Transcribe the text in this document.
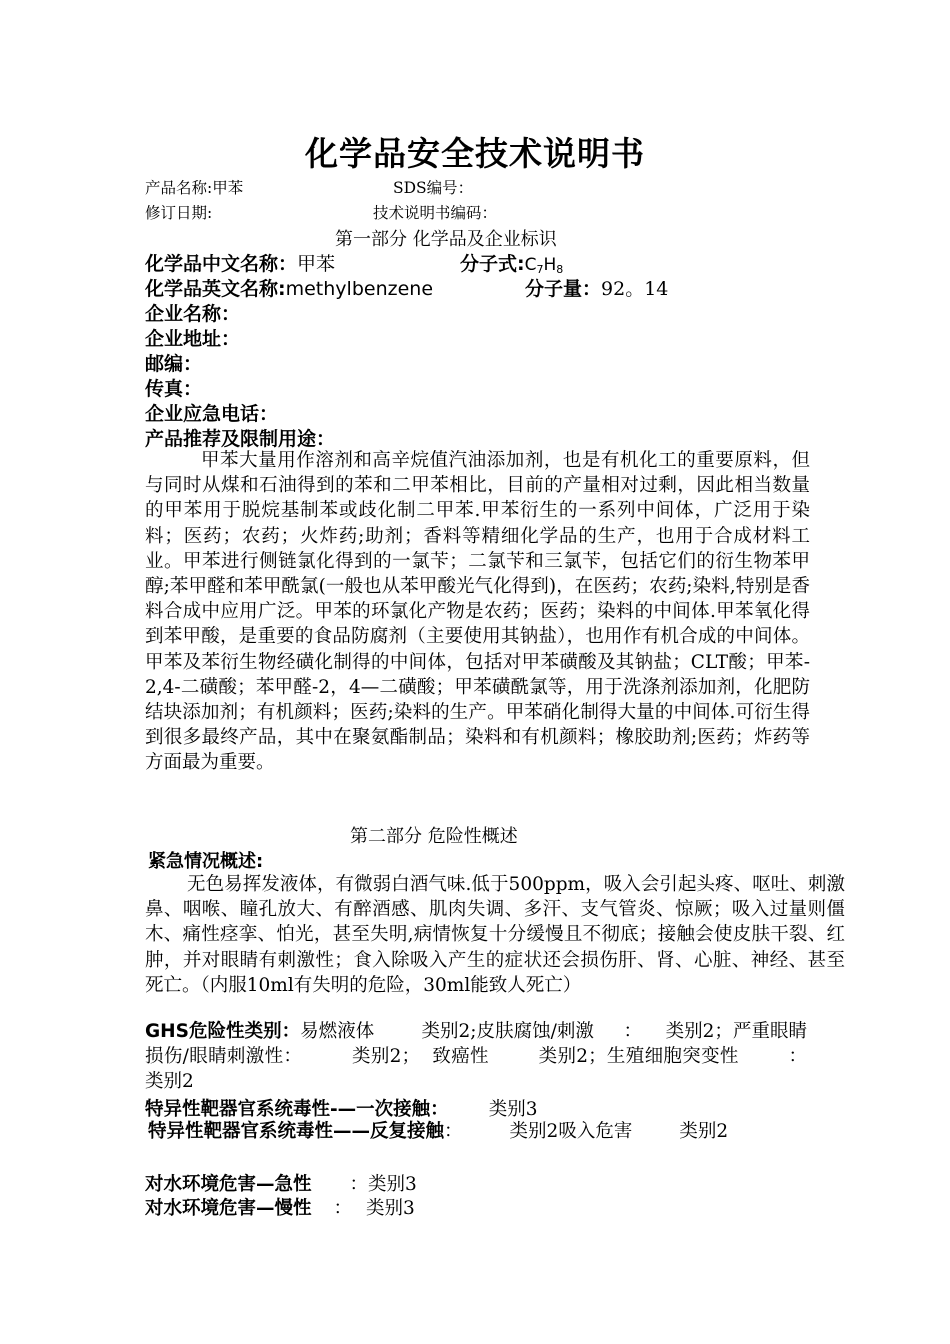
化学品安全技术说明书
产品名称:甲苯	SDS编号：
修订日期:	技术说明书编码：
第一部分 化学品及企业标识
化学品中文名称：甲苯	分子式$:C_7H_8$
化学品英文名称:methylbenzene	分子量：92。14
企业名称：
企业地址：
邮编：
传真：
企业应急电话：
产品推荐及限制用途：
甲苯大量用作溶剂和高辛烷值汽油添加剂，也是有机化工的重要原料，但与同时从煤和石油得到的苯和二甲苯相比，目前的产量相对过剩，因此相当数量的甲苯用于脱烷基制苯或歧化制二甲苯.甲苯衍生的一系列中间体，广泛用于染料；医药；农药；火炸药;助剂；香料等精细化学品的生产，也用于合成材料工业。甲苯进行侧链氯化得到的一氯苄；二氯苄和三氯苄，包括它们的衍生物苯甲醇;苯甲醛和苯甲酰氯(一般也从苯甲酸光气化得到)，在医药；农药;染料,特别是香料合成中应用广泛。甲苯的环氯化产物是农药；医药；染料的中间体.甲苯氧化得到苯甲酸，是重要的食品防腐剂（主要使用其钠盐），也用作有机合成的中间体。甲苯及苯衍生物经磺化制得的中间体，包括对甲苯磺酸及其钠盐；CLT酸；甲苯-2,4-二磺酸；苯甲醛-2，4—二磺酸；甲苯磺酰氯等，用于洗涤剂添加剂，化肥防结块添加剂；有机颜料；医药;染料的生产。甲苯硝化制得大量的中间体.可衍生得到很多最终产品，其中在聚氨酯制品；染料和有机颜料；橡胶助剂;医药；炸药等方面最为重要。
第二部分 危险性概述
紧急情况概述:
无色易挥发液体，有微弱白酒气味.低于500ppm，吸入会引起头疼、呕吐、刺激鼻、咽喉、瞳孔放大、有醉酒感、肌肉失调、多汗、支气管炎、惊厥；吸入过量则僵木、痛性痉挛、怕光，甚至失明,病情恢复十分缓慢且不彻底；接触会使皮肤干裂、红肿，并对眼睛有刺激性；食入除吸入产生的症状还会损伤肝、肾、心脏、神经、甚至死亡。（内服10ml有失明的危险，30ml能致人死亡）
GHS危险性类别：易燃液体        类别2;皮肤腐蚀/刺激     ：    类别2；严重眼睛损伤/眼睛刺激性：        类别2；  致癌性        类别2；生殖细胞突变性        ：类别2
特异性靶器官系统毒性-—一次接触： 类别3
特异性靶器官系统毒性——反复接触：        类别2吸入危害        类别2
对水环境危害—急性 ：类别3
对水环境危害—慢性 ： 类别3
